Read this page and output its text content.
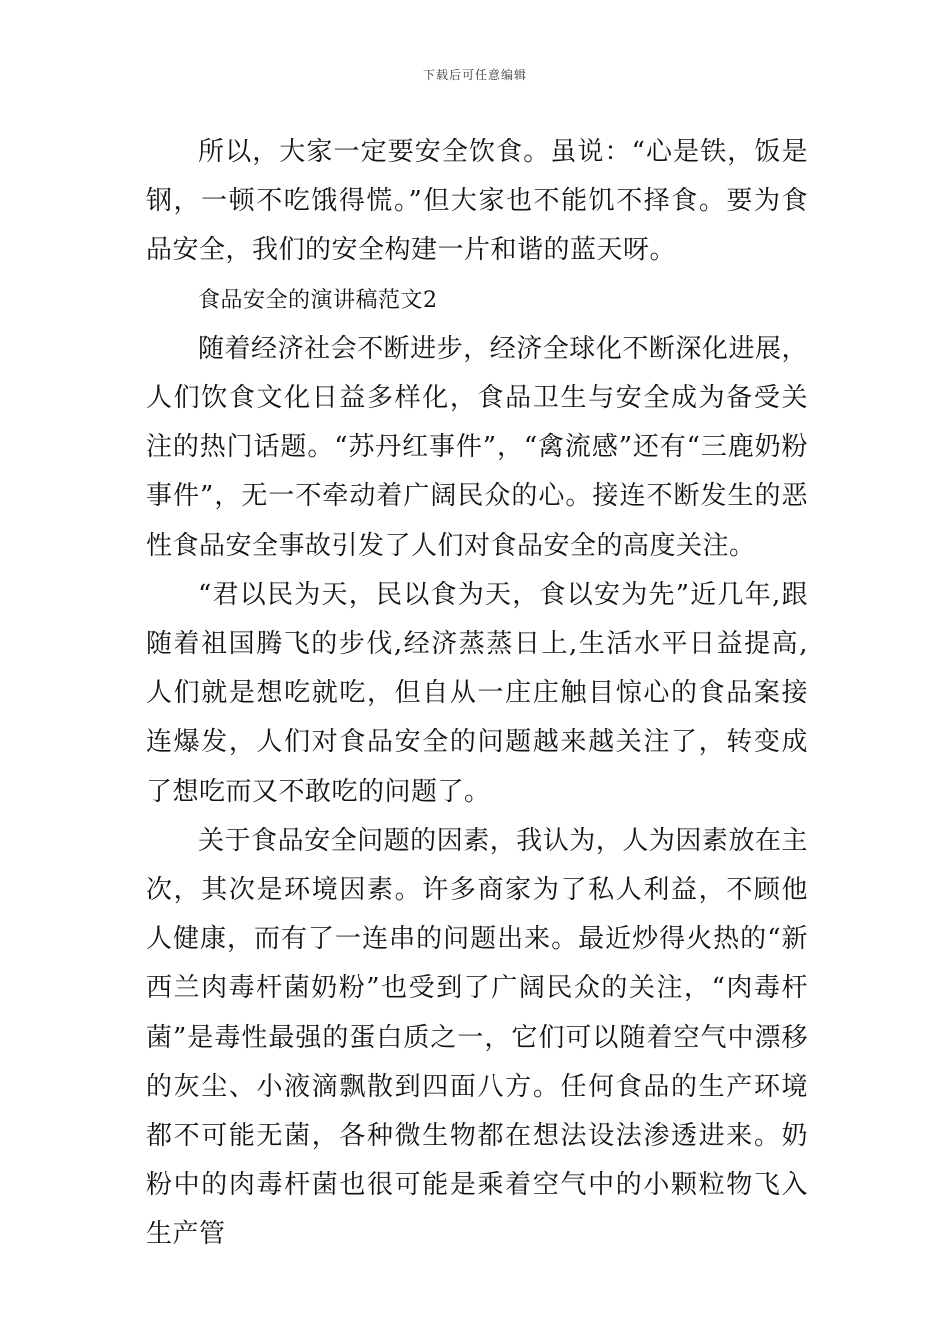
下载后可任意编辑

所以，大家一定要安全饮食。虽说：“心是铁，饭是钢，一顿不吃饿得慌。”但大家也不能饥不择食。要为食品安全，我们的安全构建一片和谐的蓝天呀。

食品安全的演讲稿范文2

随着经济社会不断进步，经济全球化不断深化进展，人们饮食文化日益多样化，食品卫生与安全成为备受关注的热门话题。“苏丹红事件”，“禽流感”还有“三鹿奶粉事件”，无一不牵动着广阔民众的心。接连不断发生的恶性食品安全事故引发了人们对食品安全的高度关注。

“君以民为天，民以食为天，食以安为先”近几年,跟随着祖国腾飞的步伐,经济蒸蒸日上,生活水平日益提高,人们就是想吃就吃，但自从一庄庄触目惊心的食品案接连爆发，人们对食品安全的问题越来越关注了，转变成了想吃而又不敢吃的问题了。

关于食品安全问题的因素，我认为，人为因素放在主次，其次是环境因素。许多商家为了私人利益，不顾他人健康，而有了一连串的问题出来。最近炒得火热的“新西兰肉毒杆菌奶粉”也受到了广阔民众的关注，“肉毒杆菌”是毒性最强的蛋白质之一，它们可以随着空气中漂移的灰尘、小液滴飘散到四面八方。任何食品的生产环境都不可能无菌，各种微生物都在想法设法渗透进来。奶粉中的肉毒杆菌也很可能是乘着空气中的小颗粒物飞入生产管
